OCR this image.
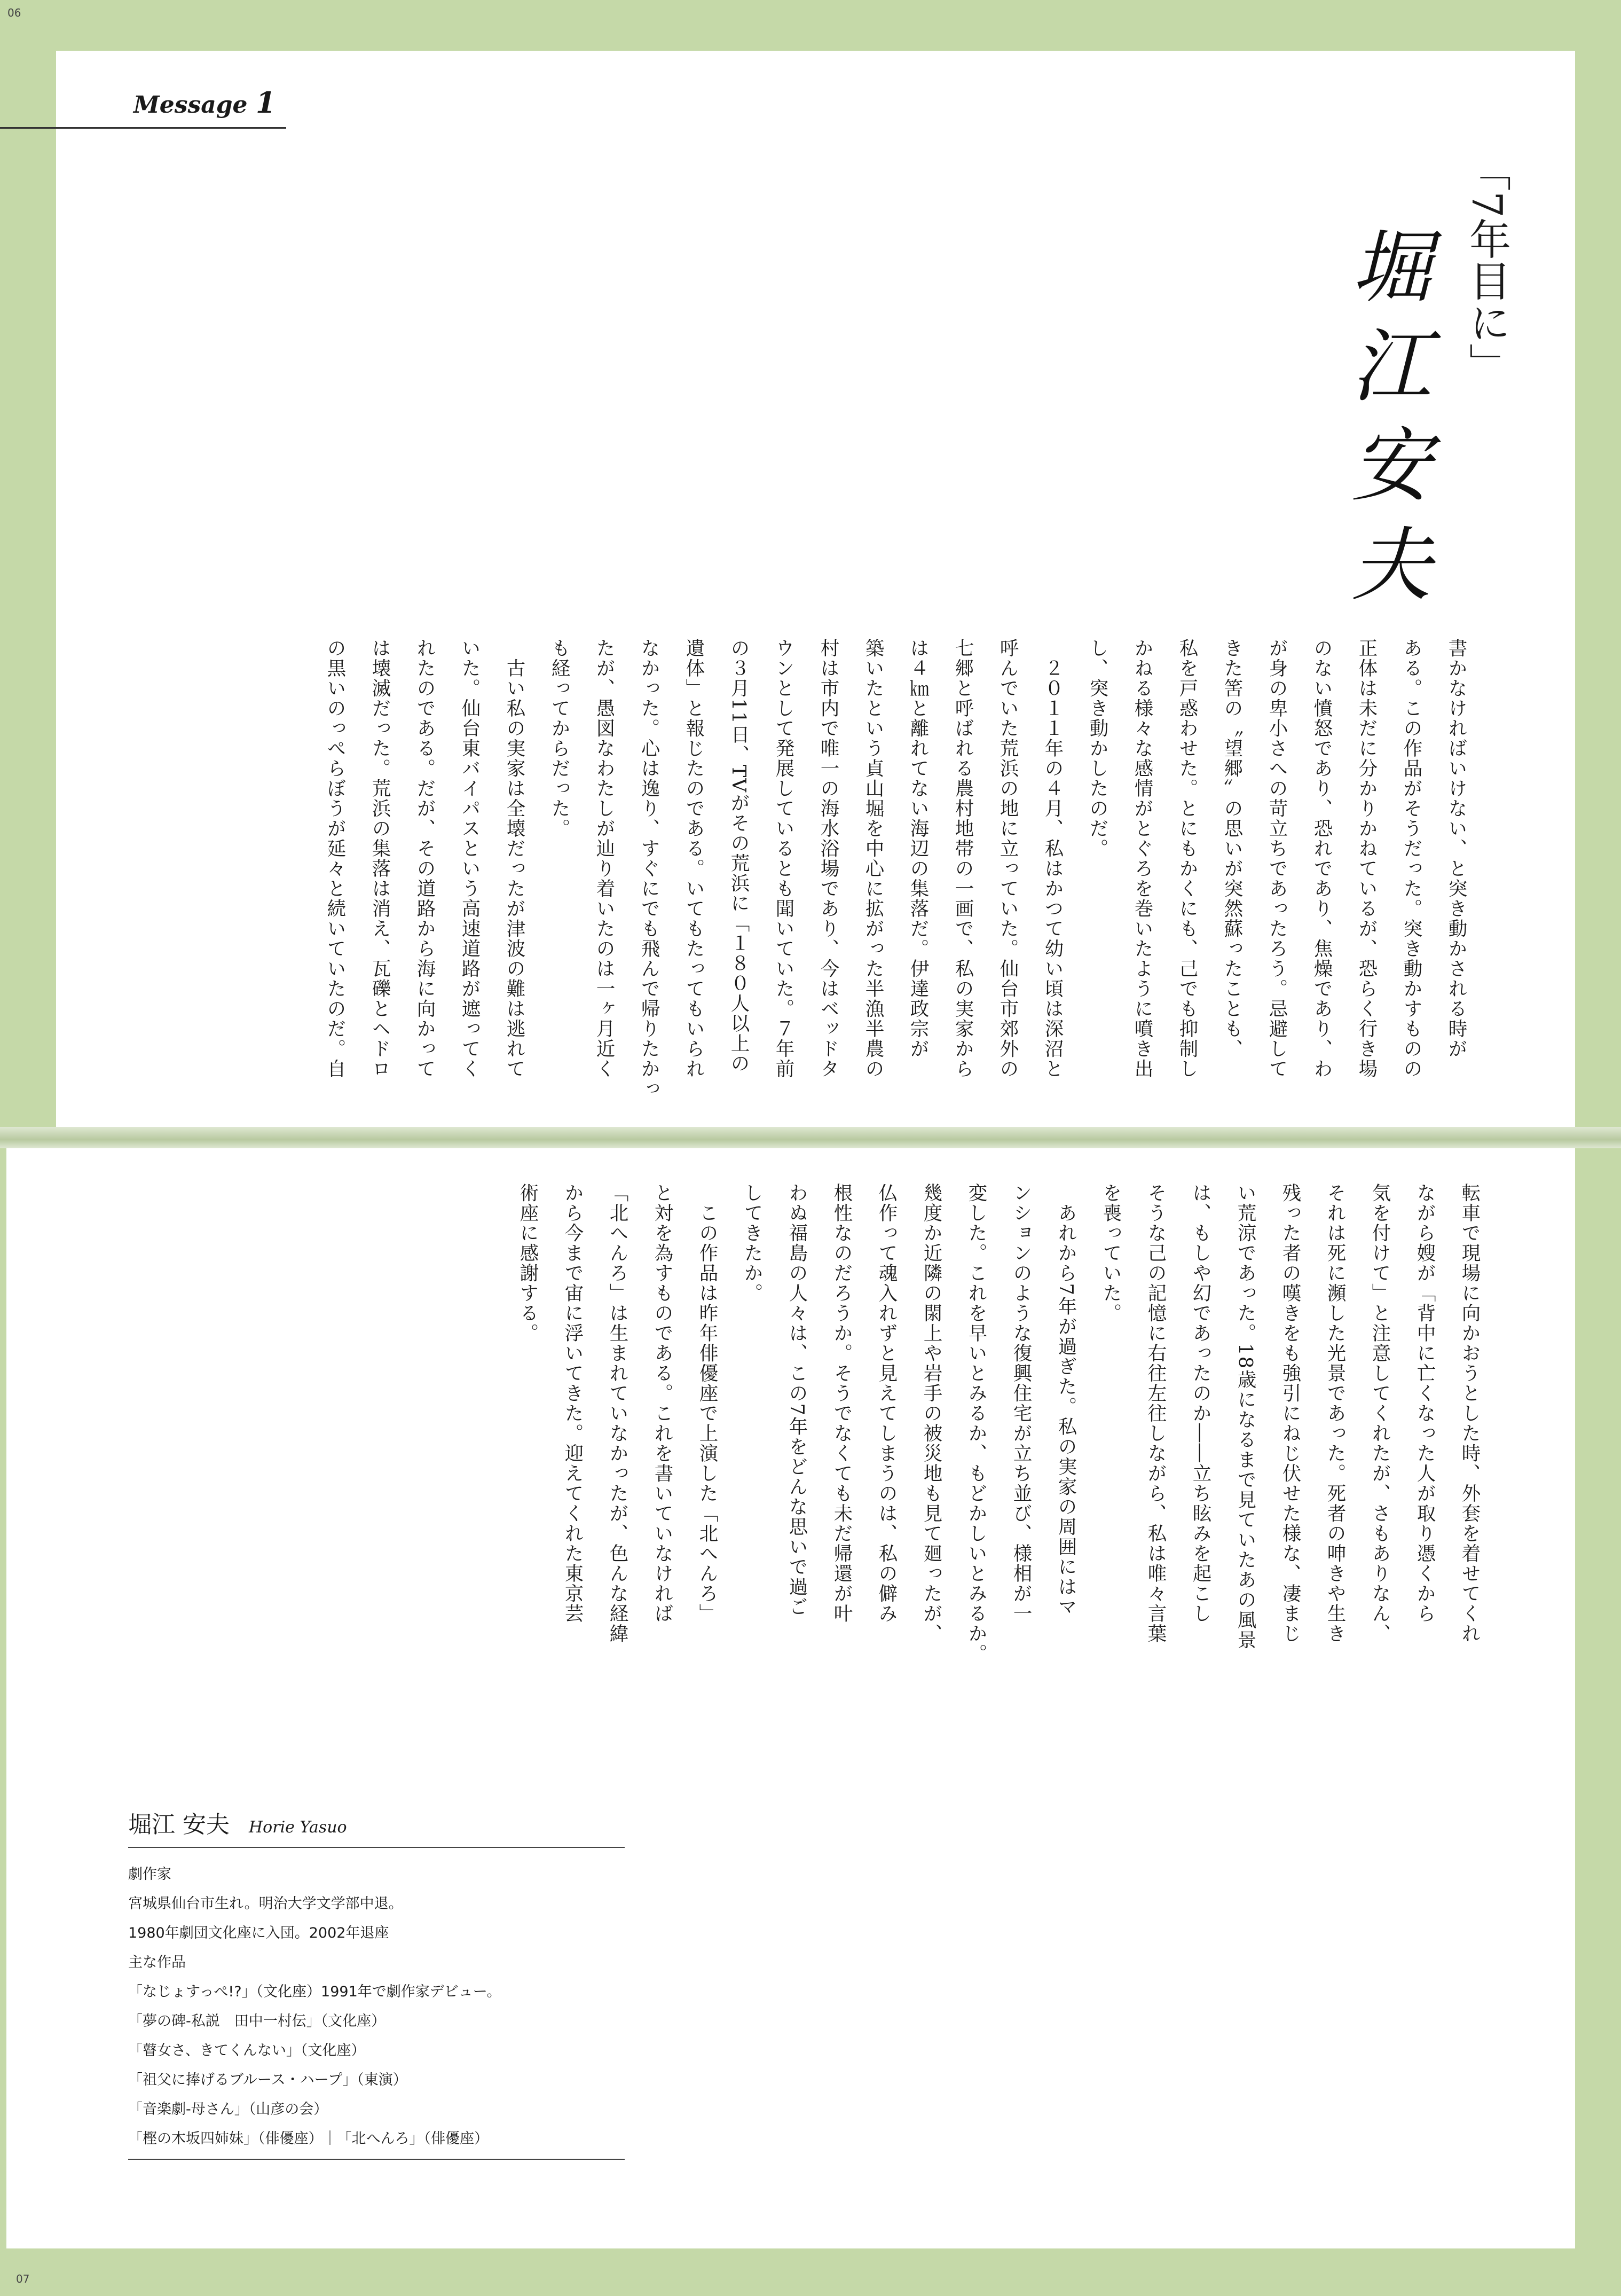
06
07
Message 1
「7年目に」
堀江安夫
書かなければいけない、と突き動かされる時が
ある。この作品がそうだった。突き動かすものの
正体は未だに分かりかねているが、恐らく行き場
のない憤怒であり、恐れであり、焦燥であり、わ
が身の卑小さへの苛立ちであったろう。忌避して
きた筈の〝望郷〟の思いが突然蘇ったことも、
私を戸惑わせた。とにもかくにも、己でも抑制し
かねる様々な感情がとぐろを巻いたように噴き出
し、突き動かしたのだ。
　２０１１年の４月、私はかつて幼い頃は深沼と
呼んでいた荒浜の地に立っていた。仙台市郊外の
七郷と呼ばれる農村地帯の一画で、私の実家から
は４㎞と離れてない海辺の集落だ。伊達政宗が
築いたという貞山堀を中心に拡がった半漁半農の
村は市内で唯一の海水浴場であり、今はベッドタ
ウンとして発展しているとも聞いていた。７年前
の３月11日、TVがその荒浜に「１８０人以上の
遺体」と報じたのである。いてもたってもいられ
なかった。心は逸り、すぐにでも飛んで帰りたかっ
たが、愚図なわたしが辿り着いたのは一ヶ月近く
も経ってからだった。
　古い私の実家は全壊だったが津波の難は逃れて
いた。仙台東バイパスという高速道路が遮ってく
れたのである。だが、その道路から海に向かって
は壊滅だった。荒浜の集落は消え、瓦礫とヘドロ
の黒いのっぺらぼうが延々と続いていたのだ。自
転車で現場に向かおうとした時、外套を着せてくれ
ながら嫂が「背中に亡くなった人が取り憑くから
気を付けて」と注意してくれたが、さもありなん、
それは死に瀕した光景であった。死者の呻きや生き
残った者の嘆きをも強引にねじ伏せた様な、凄まじ
い荒涼であった。18歳になるまで見ていたあの風景
は、もしや幻であったのか――立ち眩みを起こし
そうな己の記憶に右往左往しながら、私は唯々言葉
を喪っていた。
　あれから7年が過ぎた。私の実家の周囲にはマ
ンションのような復興住宅が立ち並び、様相が一
変した。これを早いとみるか、もどかしいとみるか。
幾度か近隣の閖上や岩手の被災地も見て廻ったが、
仏作って魂入れずと見えてしまうのは、私の僻み
根性なのだろうか。そうでなくても未だ帰還が叶
わぬ福島の人々は、この7年をどんな思いで過ご
してきたか。
　この作品は昨年俳優座で上演した「北へんろ」
と対を為すものである。これを書いていなければ
「北へんろ」は生まれていなかったが、色んな経緯
から今まで宙に浮いてきた。迎えてくれた東京芸
術座に感謝する。
堀江 安夫 Horie Yasuo
劇作家
宮城県仙台市生れ。明治大学文学部中退。
1980年劇団文化座に入団。2002年退座
主な作品
「なじょすっぺ!?」（文化座）1991年で劇作家デビュー。
「夢の碑-私説　田中一村伝」（文化座）
「瞽女さ、きてくんない」（文化座）
「祖父に捧げるブルース・ハープ」（東演）
「音楽劇-母さん」（山彦の会）
「樫の木坂四姉妹」（俳優座）｜「北へんろ」（俳優座）
